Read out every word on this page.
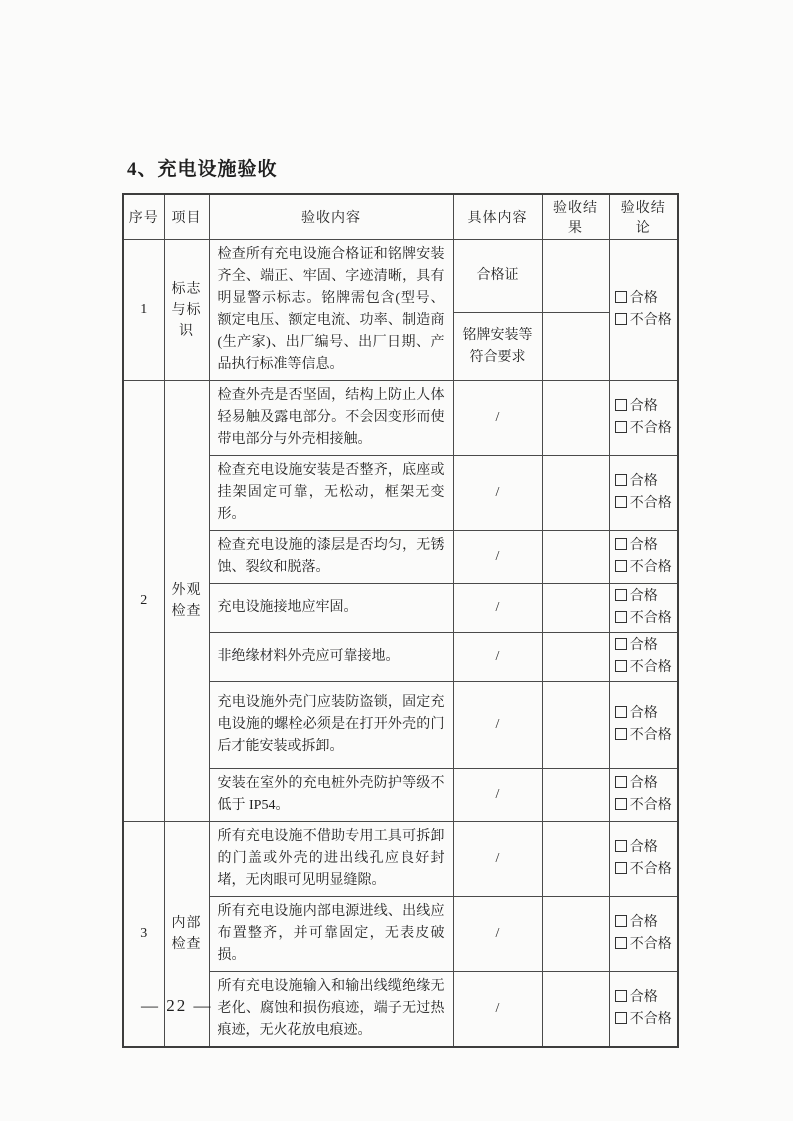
4、充电设施验收
序号	项目	验收内容	具体内容	验收结果	验收结论
1	标志与标识	检查所有充电设施合格证和铭牌安装齐全、端正、牢固、字迹清晰，具有明显警示标志。铭牌需包含(型号、额定电压、额定电流、功率、制造商(生产家)、出厂编号、出厂日期、产品执行标准等信息。	合格证		合格
不合格

			铭牌安装等符合要求		
2	外观检查	检查外壳是否坚固，结构上防止人体轻易触及露电部分。不会因变形而使带电部分与外壳相接触。	/		合格
不合格

		检查充电设施安装是否整齐，底座或挂架固定可靠，无松动，框架无变形。	/		合格
不合格

		检查充电设施的漆层是否均匀，无锈蚀、裂纹和脱落。	/		合格
不合格

		充电设施接地应牢固。	/		合格
不合格

		非绝缘材料外壳应可靠接地。	/		合格
不合格

		充电设施外壳门应装防盗锁，固定充电设施的螺栓必须是在打开外壳的门后才能安装或拆卸。	/		合格
不合格

		安装在室外的充电桩外壳防护等级不低于 IP54。	/		合格
不合格

3	内部检查	所有充电设施不借助专用工具可拆卸的门盖或外壳的进出线孔应良好封堵，无肉眼可见明显缝隙。	/		合格
不合格

		所有充电设施内部电源进线、出线应布置整齐，并可靠固定，无表皮破损。	/		合格
不合格

		所有充电设施输入和输出线缆绝缘无老化、腐蚀和损伤痕迹，端子无过热痕迹，无火花放电痕迹。	/		合格
不合格
— 22 —
